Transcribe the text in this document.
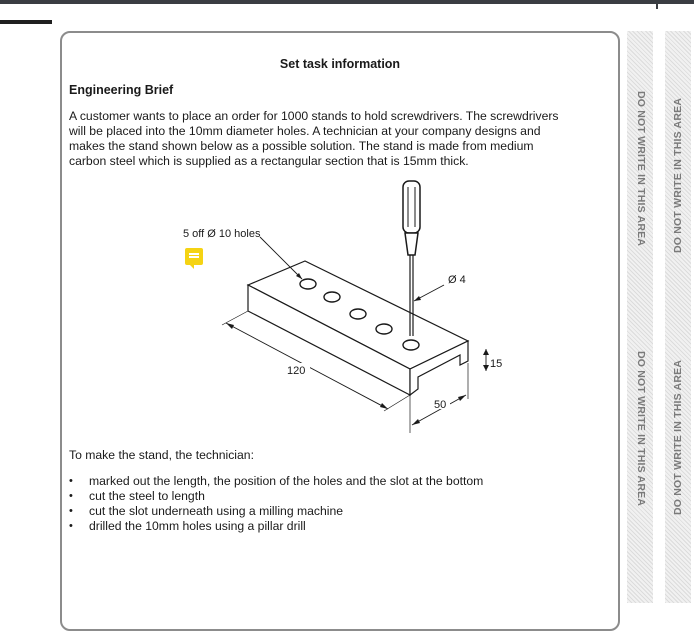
Set task information
Engineering Brief

A customer wants to place an order for 1000 stands to hold screwdrivers. The screwdrivers will be placed into the 10mm diameter holes. A technician at your company designs and makes the stand shown below as a possible solution. The stand is made from medium carbon steel which is supplied as a rectangular section that is 15mm thick.

5 off Ø 10 holes
Ø 4
120
50
15
To make the stand, the technician:
• marked out the length, the position of the holes and the slot at the bottom
• cut the steel to length
• cut the slot underneath using a milling machine
• drilled the 10mm holes using a pillar drill
DO NOT WRITE IN THIS AREA
DO NOT WRITE IN THIS AREA
DO NOT WRITE IN THIS AREA
DO NOT WRITE IN THIS AREA
